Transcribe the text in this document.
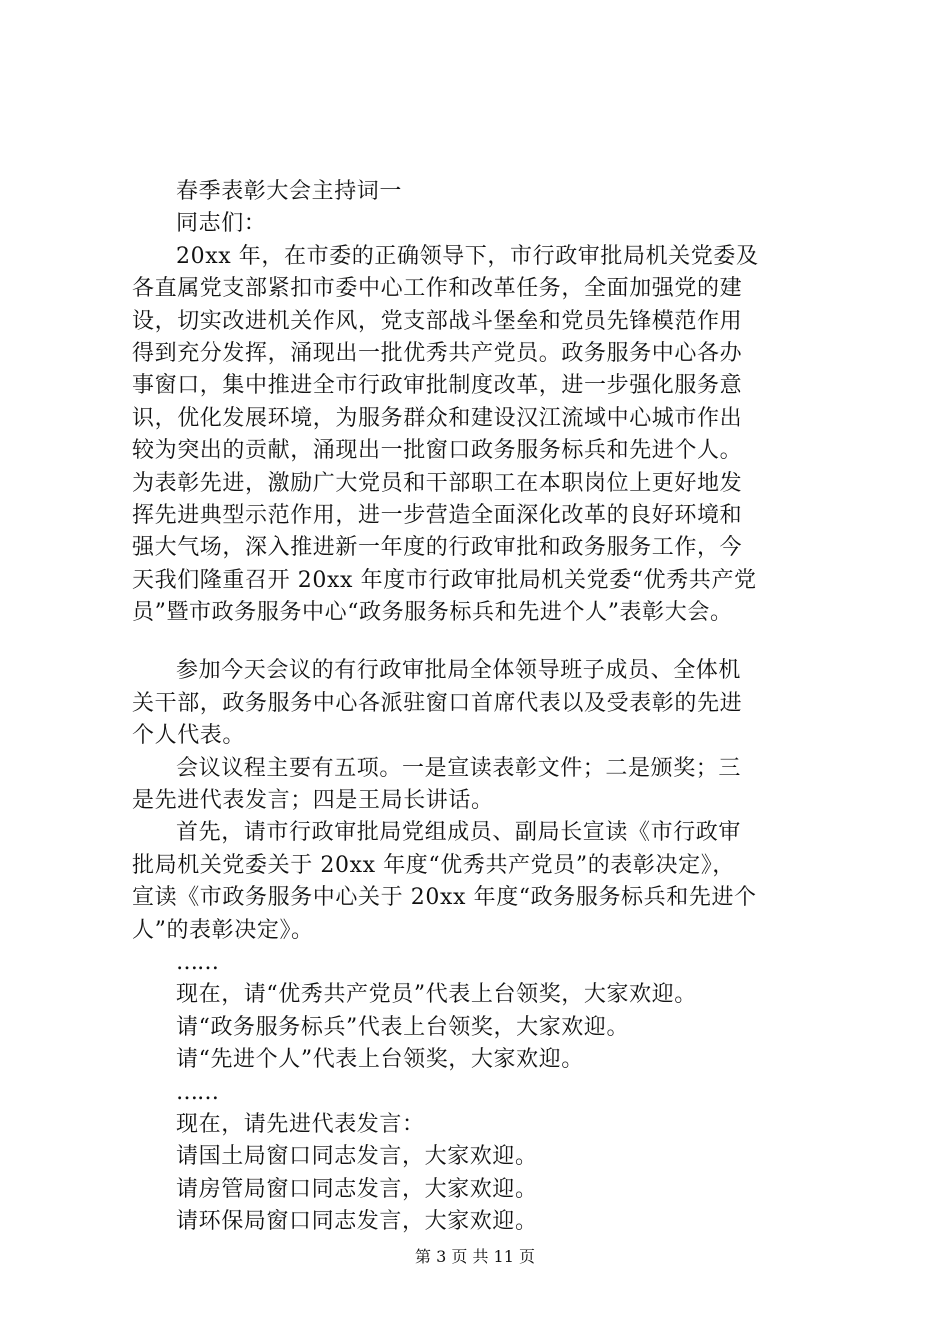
春季表彰大会主持词一
同志们：
20xx 年，在市委的正确领导下，市行政审批局机关党委及
各直属党支部紧扣市委中心工作和改革任务，全面加强党的建
设，切实改进机关作风，党支部战斗堡垒和党员先锋模范作用
得到充分发挥，涌现出一批优秀共产党员。政务服务中心各办
事窗口，集中推进全市行政审批制度改革，进一步强化服务意
识，优化发展环境，为服务群众和建设汉江流域中心城市作出
较为突出的贡献，涌现出一批窗口政务服务标兵和先进个人。
为表彰先进，激励广大党员和干部职工在本职岗位上更好地发
挥先进典型示范作用，进一步营造全面深化改革的良好环境和
强大气场，深入推进新一年度的行政审批和政务服务工作，今
天我们隆重召开 20xx 年度市行政审批局机关党委“优秀共产党
员”暨市政务服务中心“政务服务标兵和先进个人”表彰大会。
参加今天会议的有行政审批局全体领导班子成员、全体机
关干部，政务服务中心各派驻窗口首席代表以及受表彰的先进
个人代表。
会议议程主要有五项。一是宣读表彰文件；二是颁奖；三
是先进代表发言；四是王局长讲话。
首先，请市行政审批局党组成员、副局长宣读《市行政审
批局机关党委关于 20xx 年度“优秀共产党员”的表彰决定》，
宣读《市政务服务中心关于 20xx 年度“政务服务标兵和先进个
人”的表彰决定》。
……
现在，请“优秀共产党员”代表上台领奖，大家欢迎。
请“政务服务标兵”代表上台领奖，大家欢迎。
请“先进个人”代表上台领奖，大家欢迎。
……
现在，请先进代表发言：
请国土局窗口同志发言，大家欢迎。
请房管局窗口同志发言，大家欢迎。
请环保局窗口同志发言，大家欢迎。
第 3 页 共 11 页
